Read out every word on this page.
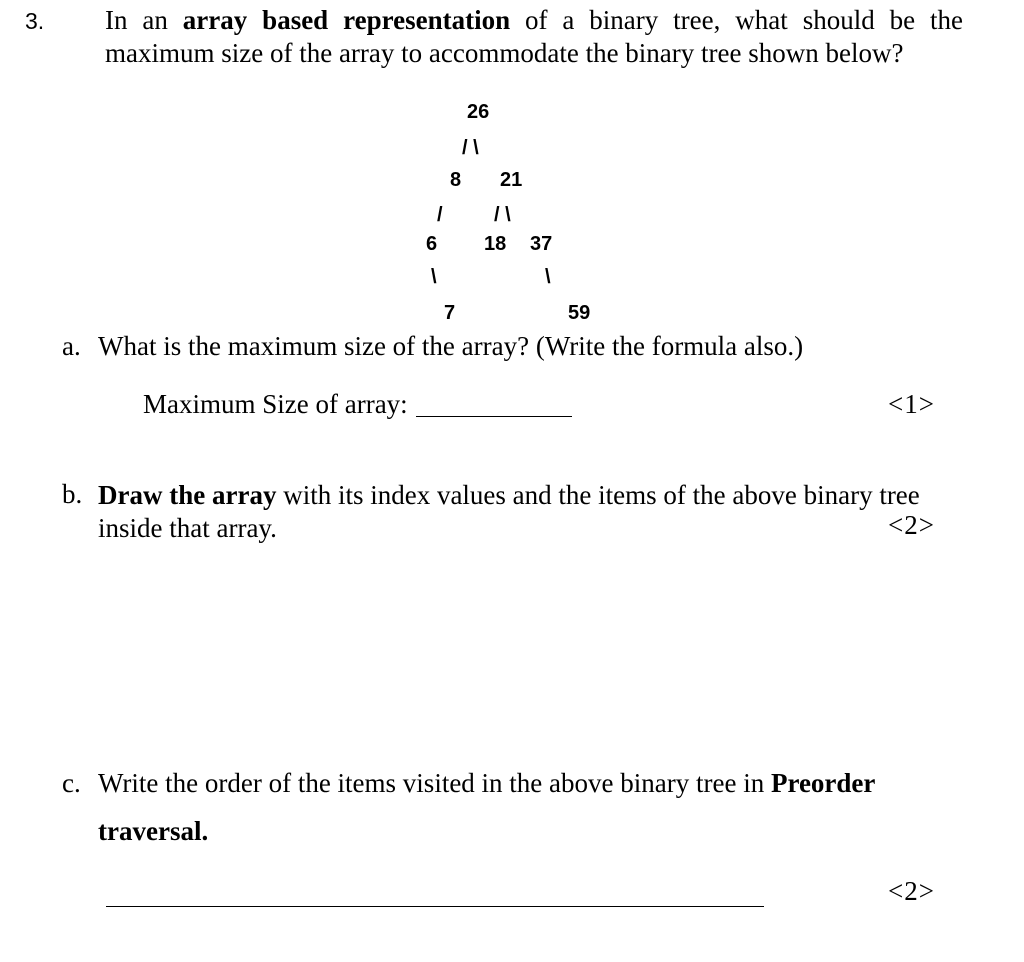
3. In an array based representation of a binary tree, what should be the maximum size of the array to accommodate the binary tree shown below?
26
/ \
8 21
/	/ \
6 18 37
\	\
7	59
a. What is the maximum size of the array? (Write the formula also.)
Maximum Size of array:	<1>
b. Draw the array with its index values and the items of the above binary tree inside that array.	<2>
c. Write the order of the items visited in the above binary tree in Preorder
traversal.
<2>
